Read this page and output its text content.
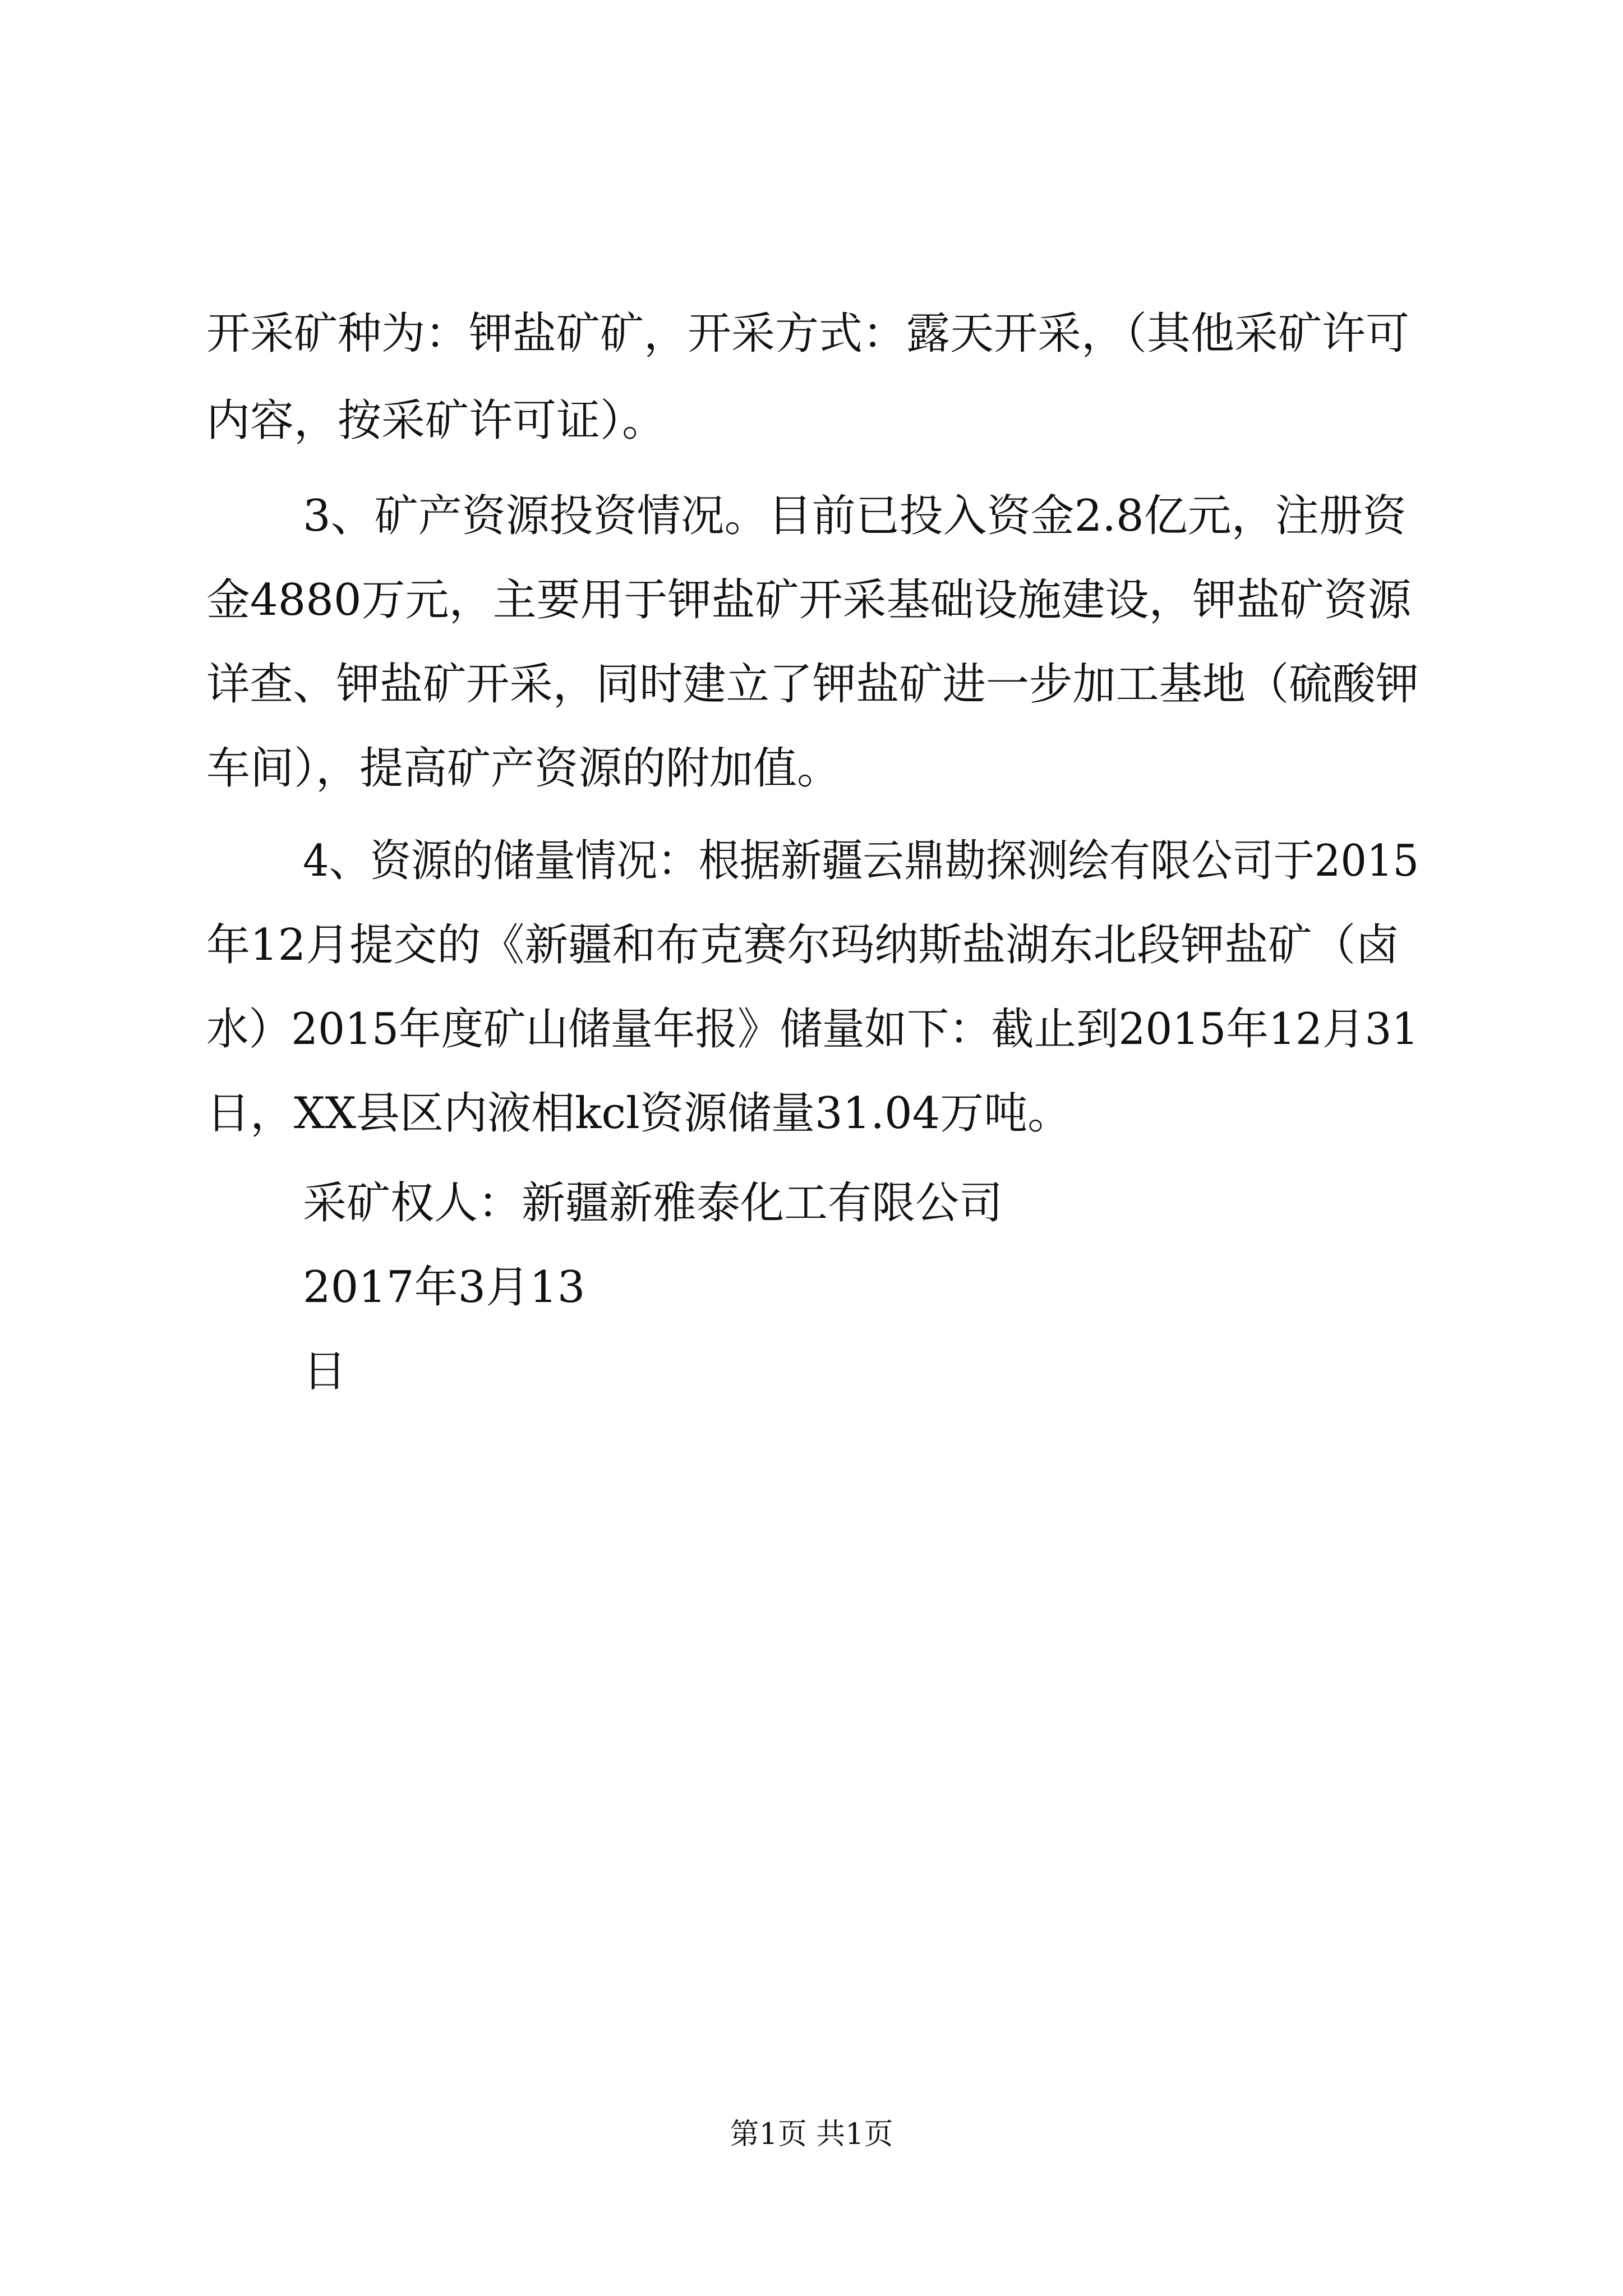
开采矿种为：钾盐矿矿，开采方式：露天开采，（其他采矿许可
内容，按采矿许可证）。
3、矿产资源投资情况。目前已投入资金2.8亿元，注册资
金4880万元，主要用于钾盐矿开采基础设施建设，钾盐矿资源
详查、钾盐矿开采，同时建立了钾盐矿进一步加工基地（硫酸钾
车间），提高矿产资源的附加值。
4、资源的储量情况：根据新疆云鼎勘探测绘有限公司于2015
年12月提交的《新疆和布克赛尔玛纳斯盐湖东北段钾盐矿（卤
水）2015年度矿山储量年报》储量如下：截止到2015年12月31
日，XX县区内液相kcl资源储量31.04万吨。
采矿权人：新疆新雅泰化工有限公司
2017年3月13
日
第1页 共1页
